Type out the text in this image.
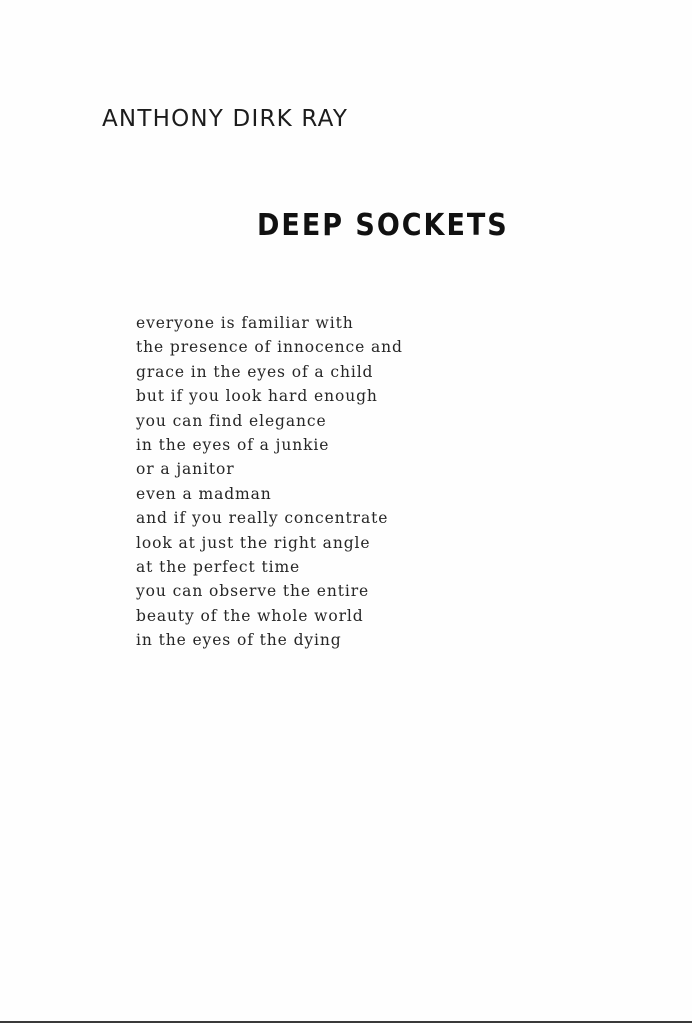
ANTHONY DIRK RAY
DEEP SOCKETS
everyone is familiar with
the presence of innocence and
grace in the eyes of a child
but if you look hard enough
you can find elegance
in the eyes of a junkie
or a janitor
even a madman
and if you really concentrate
look at just the right angle
at the perfect time
you can observe the entire
beauty of the whole world
in the eyes of the dying
